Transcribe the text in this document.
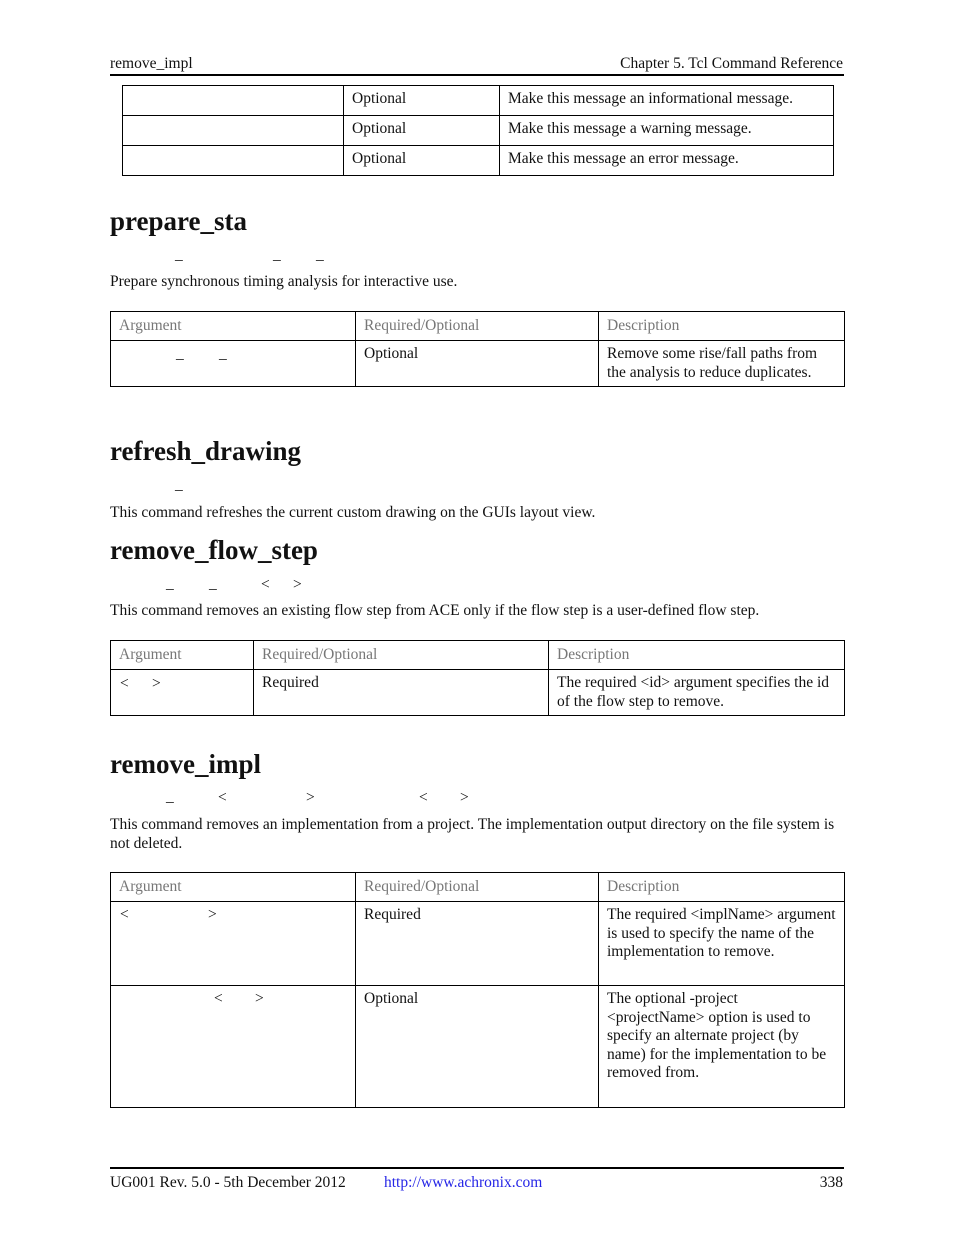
remove_impl	Chapter 5. Tcl Command Reference
	Optional	Make this message an informational message.
	Optional	Make this message a warning message.
	Optional	Make this message an error message.
prepare_sta
_	_ _
Prepare synchronous timing analysis for interactive use.
Argument	Required/Optional	Description

_ _	Optional	Remove some rise/fall paths from the analysis to reduce duplicates.
refresh_drawing
_
This command refreshes the current custom drawing on the GUIs layout view.
remove_flow_step
_ _	< >
This command removes an existing flow step from ACE only if the flow step is a user-defined flow step.
Argument	Required/Optional	Description

< >	Required	The required <id> argument specifies the id of the flow step to remove.
remove_impl
_	<	>	< >
This command removes an implementation from a project. The implementation output directory on the file system is not deleted.
Argument	Required/Optional	Description

< >	Required	The required <implName> argument is used to specify the name of the implementation to remove.

< >	Optional	The optional -project <projectName> option is used to specify an alternate project (by name) for the implementation to be removed from.
UG001 Rev. 5.0 - 5th December 2012 http://www.achronix.com	338
